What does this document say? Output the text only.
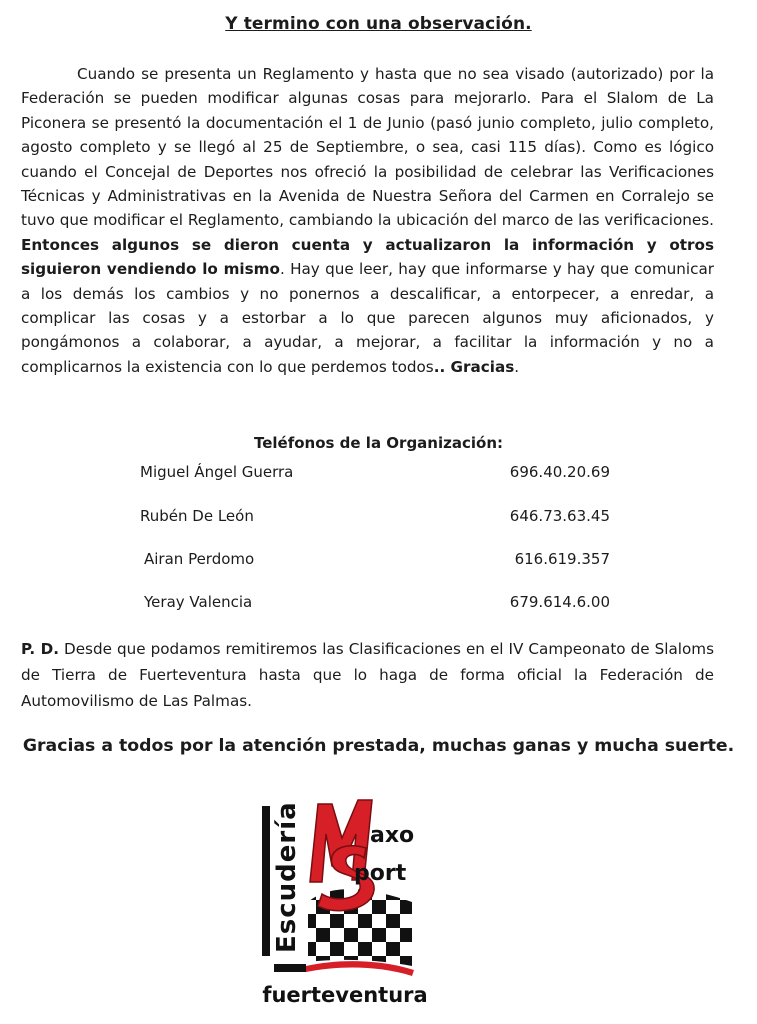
Y termino con una observación.

Cuando se presenta un Reglamento y hasta que no sea visado (autorizado) por la Federación se pueden modificar algunas cosas para mejorarlo. Para el Slalom de La Piconera se presentó la documentación el 1 de Junio (pasó junio completo, julio completo, agosto completo y se llegó al 25 de Septiembre, o sea, casi 115 días). Como es lógico cuando el Concejal de Deportes nos ofreció la posibilidad de celebrar las Verificaciones Técnicas y Administrativas en la Avenida de Nuestra Señora del Carmen en Corralejo se tuvo que modificar el Reglamento, cambiando la ubicación del marco de las verificaciones. Entonces algunos se dieron cuenta y actualizaron la información y otros siguieron vendiendo lo mismo. Hay que leer, hay que informarse y hay que comunicar a los demás los cambios y no ponernos a descalificar, a entorpecer, a enredar, a complicar las cosas y a estorbar a lo que parecen algunos muy aficionados, y pongámonos a colaborar, a ayudar, a mejorar, a facilitar la información y no a complicarnos la existencia con lo que perdemos todos.. Gracias.

Teléfonos de la Organización:
Miguel Ángel Guerra	696.40.20.69
Rubén De León	646.73.63.45
Airan Perdomo	616.619.357
Yeray Valencia	679.614.6.00

P. D. Desde que podamos remitiremos las Clasificaciones en el IV Campeonato de Slaloms de Tierra de Fuerteventura hasta que lo haga de forma oficial la Federación de Automovilismo de Las Palmas.

Gracias a todos por la atención prestada, muchas ganas y mucha suerte.
Escudería	axo
port
fuerteventura
